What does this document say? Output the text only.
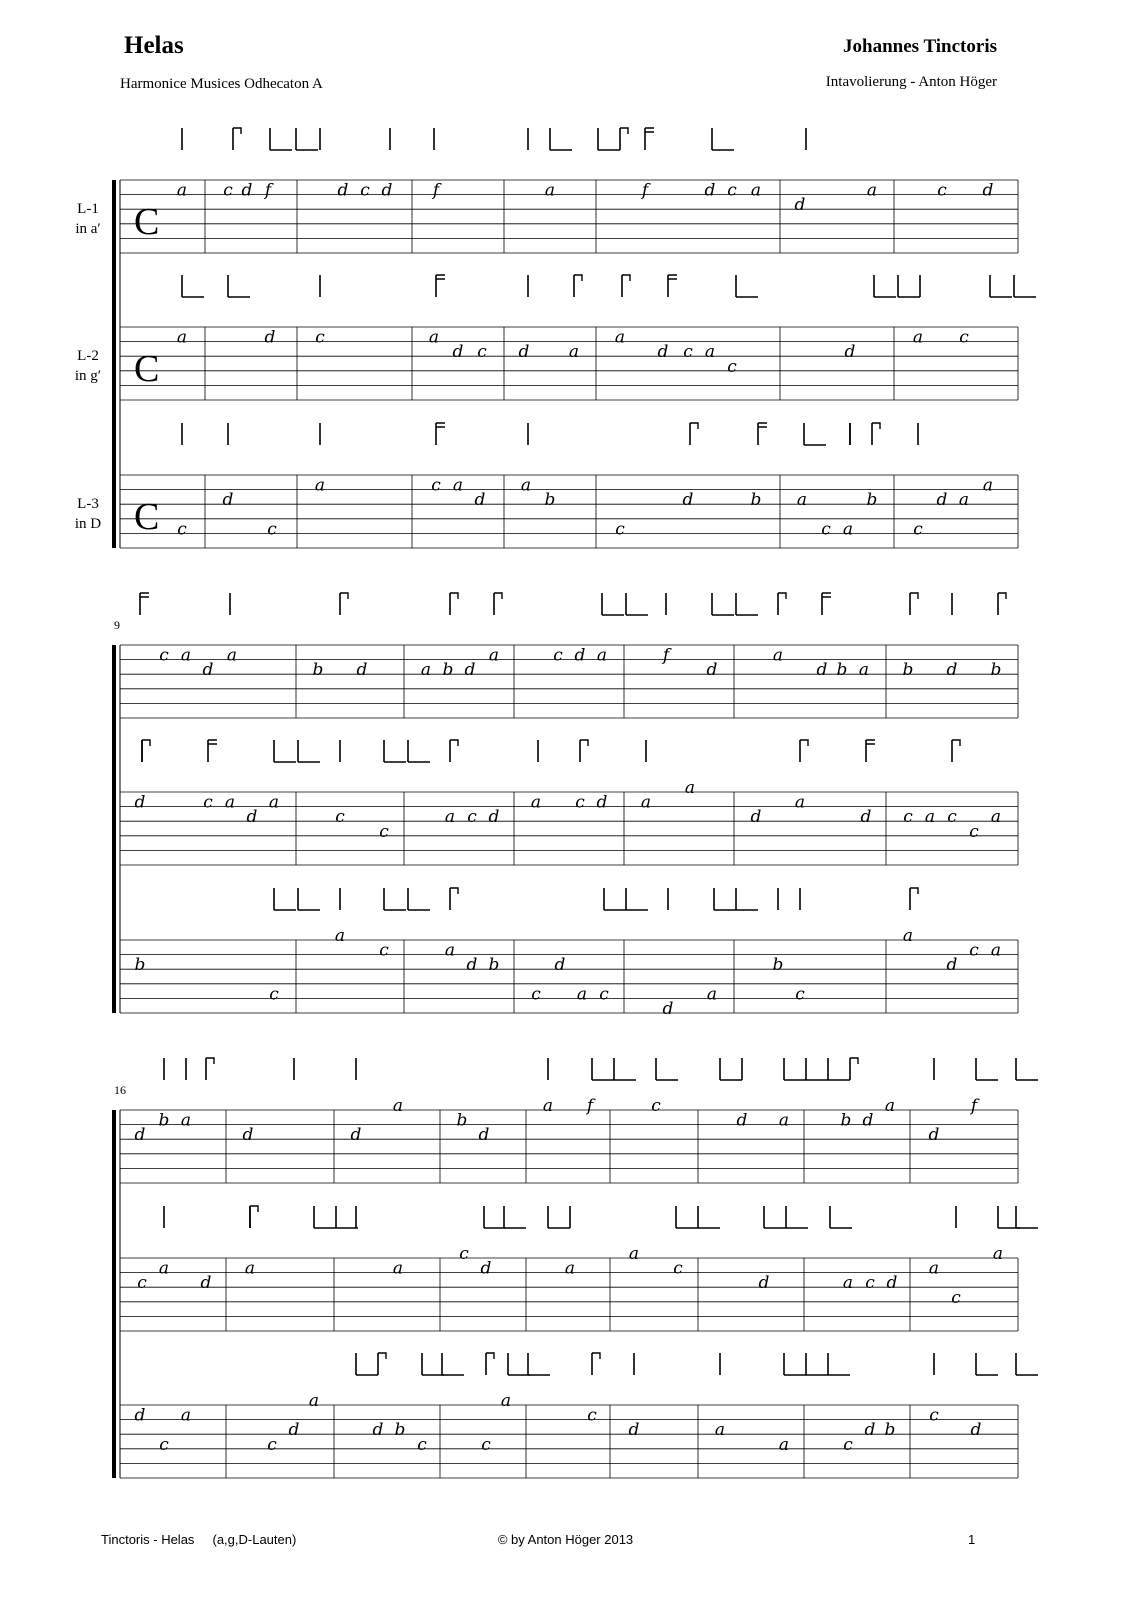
Helas	Johannes Tinctoris
Harmonice Musices Odhecaton A	Intavolierung - Anton Höger
C
L-1
in a′
a c d f	d c d f	a	f	d c a
d
a	c d
C
L-2
in g′
a	d c	a
d c d a
a
d c a
c
d
a c
C
L-3
in D
a	c a
d
a
b
c
d
c	c
d	b a
c a
b
c
d a
a
9
c a
d
a
b d	a b d
a	c d a	f
d
a
d b a b d b
d	c a
d
a
c
c
a c d
a c d a
a
d
a
d c a c
c
a
b
c
a
c	a
d b
c
d
a c
d
a
b
c
a
d
c a
16
d
b a
d	d
a
b
d
a f	c
d a	b d
a
d
f
c
a
d
a	a
c
d	a
a
c
d	a c d
a
c
a
d
c
a
c
d
a
d b
c	c
a
c
d	a
a	c
d b
c
d
Tinctoris - Helas     (a,g,D-Lauten)	© by Anton Höger 2013	1
